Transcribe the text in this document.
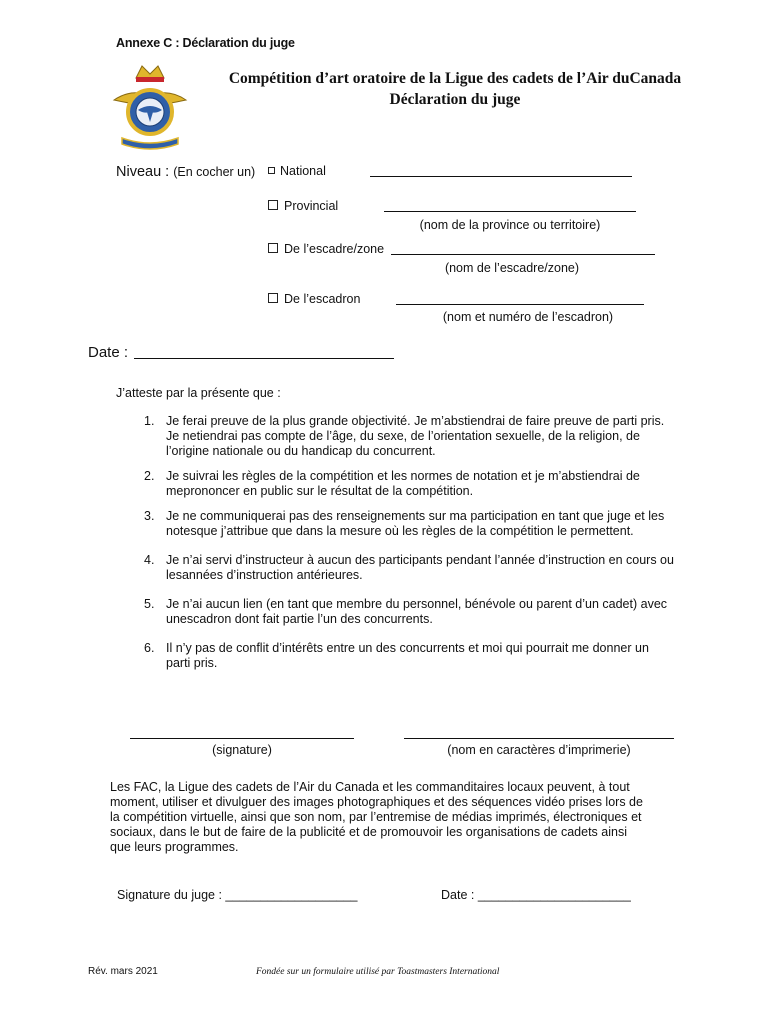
Annexe C : Déclaration du juge
Compétition d’art oratoire de la Ligue des cadets de l’Air duCanada
Déclaration du juge
Niveau : (En cocher un)	National
Provincial
(nom de la province ou territoire)
De l’escadre/zone
(nom de l’escadre/zone)
De l’escadron
(nom et numéro de l’escadron)
Date :
J’atteste par la présente que :
1. Je ferai preuve de la plus grande objectivité. Je m’abstiendrai de faire preuve de parti pris. Je netiendrai pas compte de l’âge, du sexe, de l’orientation sexuelle, de la religion, de l’origine nationale ou du handicap du concurrent.
2. Je suivrai les règles de la compétition et les normes de notation et je m’abstiendrai de meprononcer en public sur le résultat de la compétition.
3. Je ne communiquerai pas des renseignements sur ma participation en tant que juge et les notesque j’attribue que dans la mesure où les règles de la compétition le permettent.
4. Je n’ai servi d’instructeur à aucun des participants pendant l’année d’instruction en cours ou lesannées d’instruction antérieures.
5. Je n’ai aucun lien (en tant que membre du personnel, bénévole ou parent d’un cadet) avec unescadron dont fait partie l’un des concurrents.
6. Il n’y pas de conflit d’intérêts entre un des concurrents et moi qui pourrait me donner un parti pris.
(signature)	(nom en caractères d’imprimerie)
Les FAC, la Ligue des cadets de l’Air du Canada et les commanditaires locaux peuvent, à tout moment, utiliser et divulguer des images photographiques et des séquences vidéo prises lors de la compétition virtuelle, ainsi que son nom, par l’entremise de médias imprimés, électroniques et sociaux, dans le but de faire de la publicité et de promouvoir les organisations de cadets ainsi que leurs programmes.
Signature du juge : ___________________	Date : ______________________
Rév. mars 2021	Fondée sur un formulaire utilisé par Toastmasters International
